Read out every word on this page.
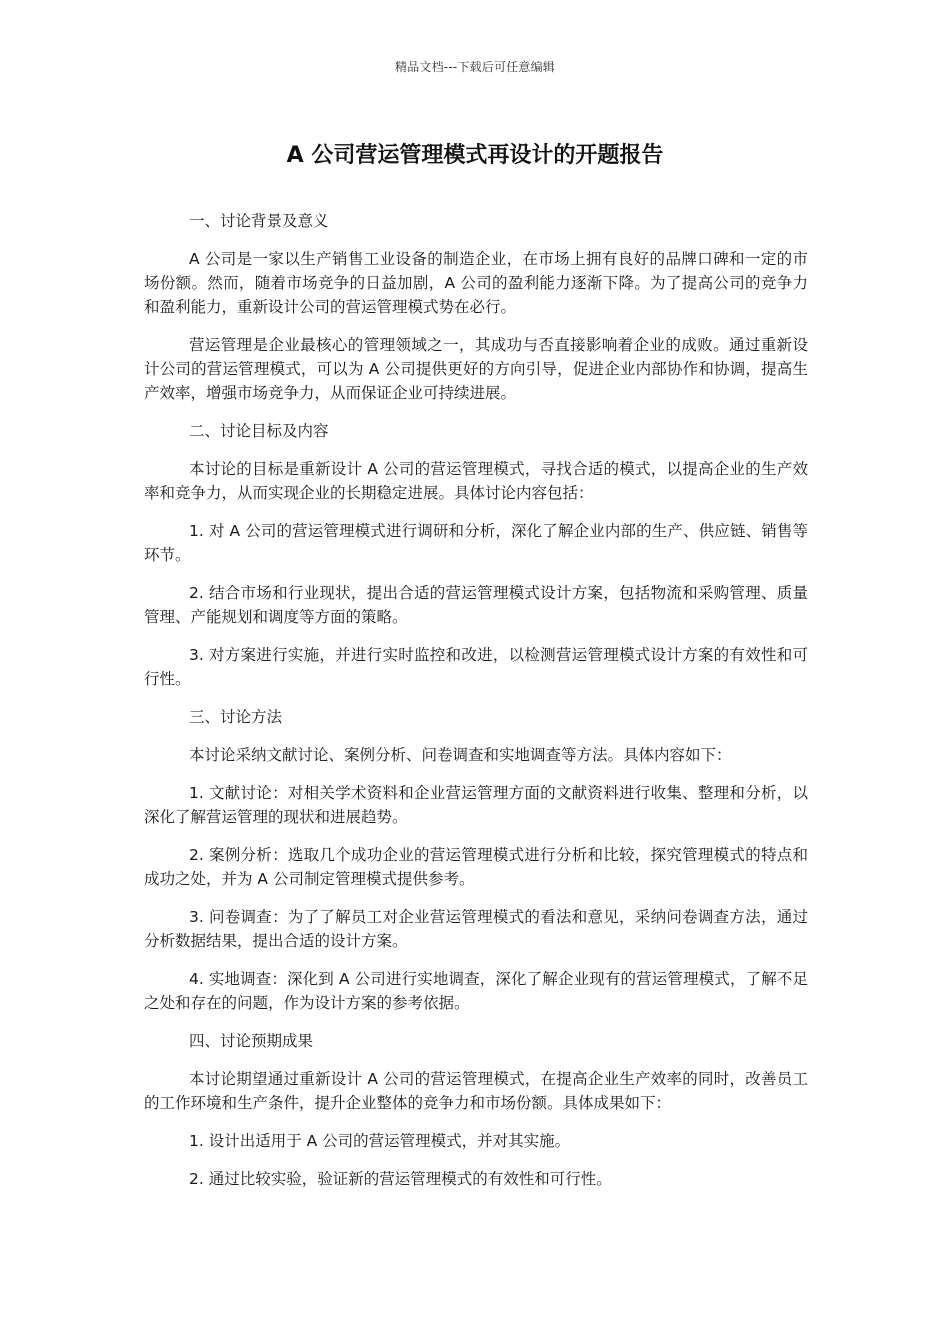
精品文档---下载后可任意编辑
A 公司营运管理模式再设计的开题报告

一、讨论背景及意义

A 公司是一家以生产销售工业设备的制造企业，在市场上拥有良好的品牌口碑和一定的市场份额。然而，随着市场竞争的日益加剧，A 公司的盈利能力逐渐下降。为了提高公司的竞争力和盈利能力，重新设计公司的营运管理模式势在必行。

营运管理是企业最核心的管理领域之一，其成功与否直接影响着企业的成败。通过重新设计公司的营运管理模式，可以为 A 公司提供更好的方向引导，促进企业内部协作和协调，提高生产效率，增强市场竞争力，从而保证企业可持续进展。

二、讨论目标及内容

本讨论的目标是重新设计 A 公司的营运管理模式，寻找合适的模式，以提高企业的生产效率和竞争力，从而实现企业的长期稳定进展。具体讨论内容包括：

1. 对 A 公司的营运管理模式进行调研和分析，深化了解企业内部的生产、供应链、销售等环节。

2. 结合市场和行业现状，提出合适的营运管理模式设计方案，包括物流和采购管理、质量管理、产能规划和调度等方面的策略。

3. 对方案进行实施，并进行实时监控和改进，以检测营运管理模式设计方案的有效性和可行性。

三、讨论方法

本讨论采纳文献讨论、案例分析、问卷调查和实地调查等方法。具体内容如下：

1. 文献讨论：对相关学术资料和企业营运管理方面的文献资料进行收集、整理和分析，以深化了解营运管理的现状和进展趋势。

2. 案例分析：选取几个成功企业的营运管理模式进行分析和比较，探究管理模式的特点和成功之处，并为 A 公司制定管理模式提供参考。

3. 问卷调查：为了了解员工对企业营运管理模式的看法和意见，采纳问卷调查方法，通过分析数据结果，提出合适的设计方案。

4. 实地调查：深化到 A 公司进行实地调查，深化了解企业现有的营运管理模式，了解不足之处和存在的问题，作为设计方案的参考依据。

四、讨论预期成果

本讨论期望通过重新设计 A 公司的营运管理模式，在提高企业生产效率的同时，改善员工的工作环境和生产条件，提升企业整体的竞争力和市场份额。具体成果如下：

1. 设计出适用于 A 公司的营运管理模式，并对其实施。

2. 通过比较实验，验证新的营运管理模式的有效性和可行性。
